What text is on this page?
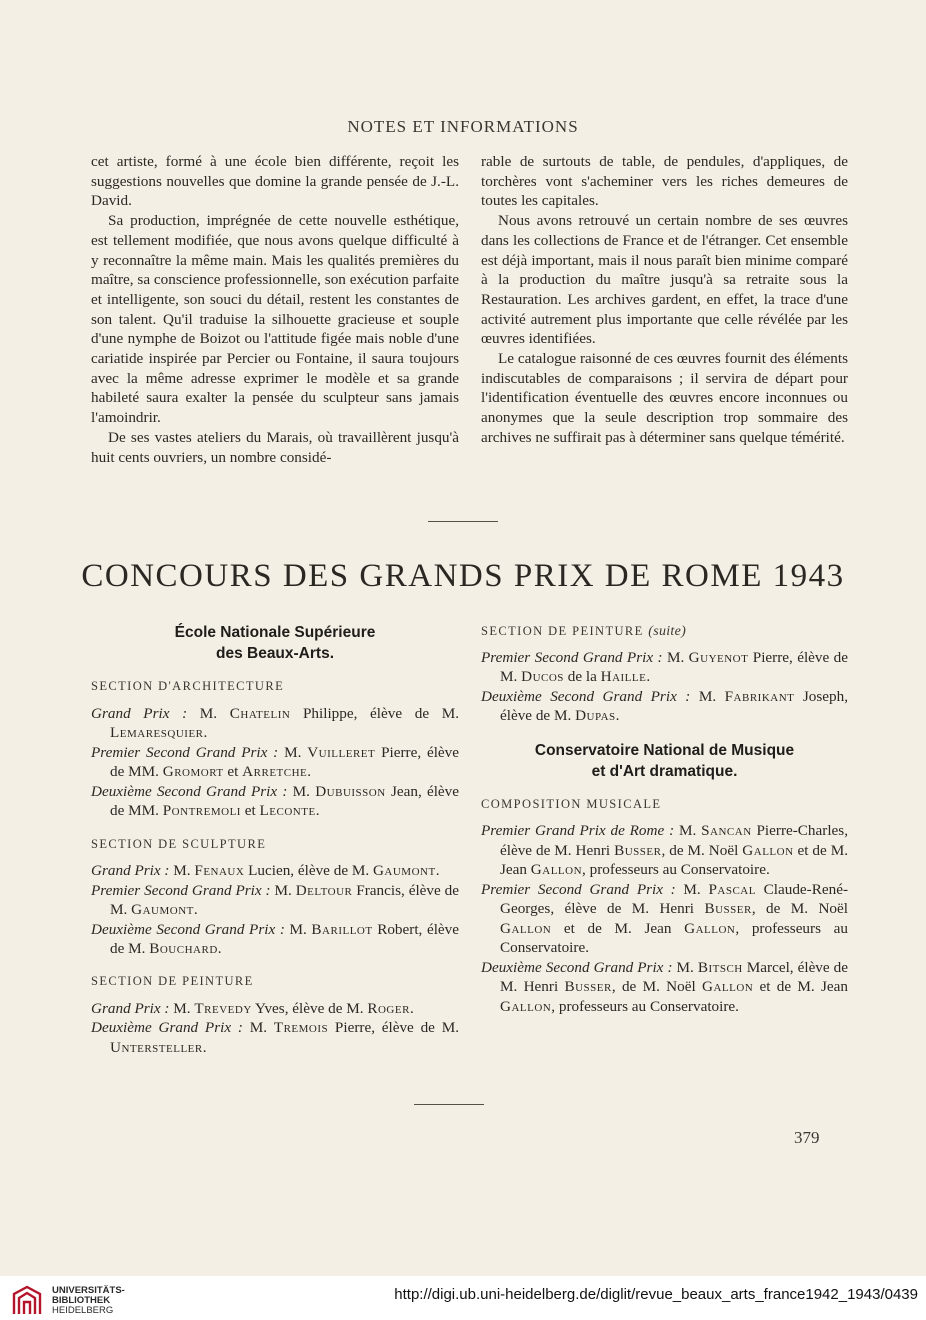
NOTES ET INFORMATIONS

cet artiste, formé à une école bien différente, reçoit les suggestions nouvelles que domine la grande pensée de J.-L. David.

Sa production, imprégnée de cette nouvelle esthétique, est tellement modifiée, que nous avons quelque difficulté à y reconnaître la même main. Mais les qualités premières du maître, sa conscience professionnelle, son exécution parfaite et intelligente, son souci du détail, restent les constantes de son talent. Qu'il traduise la silhouette gracieuse et souple d'une nymphe de Boizot ou l'attitude figée mais noble d'une cariatide inspirée par Percier ou Fontaine, il saura toujours avec la même adresse exprimer le modèle et sa grande habileté saura exalter la pensée du sculpteur sans jamais l'amoindrir.

De ses vastes ateliers du Marais, où travaillèrent jusqu'à huit cents ouvriers, un nombre considé-

rable de surtouts de table, de pendules, d'appliques, de torchères vont s'acheminer vers les riches demeures de toutes les capitales.

Nous avons retrouvé un certain nombre de ses œuvres dans les collections de France et de l'étranger. Cet ensemble est déjà important, mais il nous paraît bien minime comparé à la production du maître jusqu'à sa retraite sous la Restauration. Les archives gardent, en effet, la trace d'une activité autrement plus importante que celle révélée par les œuvres identifiées.

Le catalogue raisonné de ces œuvres fournit des éléments indiscutables de comparaisons ; il servira de départ pour l'identification éventuelle des œuvres encore inconnues ou anonymes que la seule description trop sommaire des archives ne suffirait pas à déterminer sans quelque témérité.

CONCOURS DES GRANDS PRIX DE ROME 1943
École Nationale Supérieure
des Beaux-Arts.

SECTION D'ARCHITECTURE

Grand Prix : M. Chatelin Philippe, élève de M. Lemaresquier.

Premier Second Grand Prix : M. Vuilleret Pierre, élève de MM. Gromort et Arretche.

Deuxième Second Grand Prix : M. Dubuisson Jean, élève de MM. Pontremoli et Leconte.

SECTION DE SCULPTURE

Grand Prix : M. Fenaux Lucien, élève de M. Gaumont.

Premier Second Grand Prix : M. Deltour Francis, élève de M. Gaumont.

Deuxième Second Grand Prix : M. Barillot Robert, élève de M. Bouchard.

SECTION DE PEINTURE

Grand Prix : M. Trevedy Yves, élève de M. Roger.

Deuxième Grand Prix : M. Tremois Pierre, élève de M. Untersteller.

SECTION DE PEINTURE (suite)

Premier Second Grand Prix : M. Guyenot Pierre, élève de M. Ducos de la Haille.

Deuxième Second Grand Prix : M. Fabrikant Joseph, élève de M. Dupas.

Conservatoire National de Musique
et d'Art dramatique.

COMPOSITION MUSICALE

Premier Grand Prix de Rome : M. Sancan Pierre-Charles, élève de M. Henri Busser, de M. Noël Gallon et de M. Jean Gallon, professeurs au Conservatoire.

Premier Second Grand Prix : M. Pascal Claude-René-Georges, élève de M. Henri Busser, de M. Noël Gallon et de M. Jean Gallon, professeurs au Conservatoire.

Deuxième Second Grand Prix : M. Bitsch Marcel, élève de M. Henri Busser, de M. Noël Gallon et de M. Jean Gallon, professeurs au Conservatoire.

379
UNIVERSITÄTS-
BIBLIOTHEK
HEIDELBERG
http://digi.ub.uni-heidelberg.de/diglit/revue_beaux_arts_france1942_1943/0439
